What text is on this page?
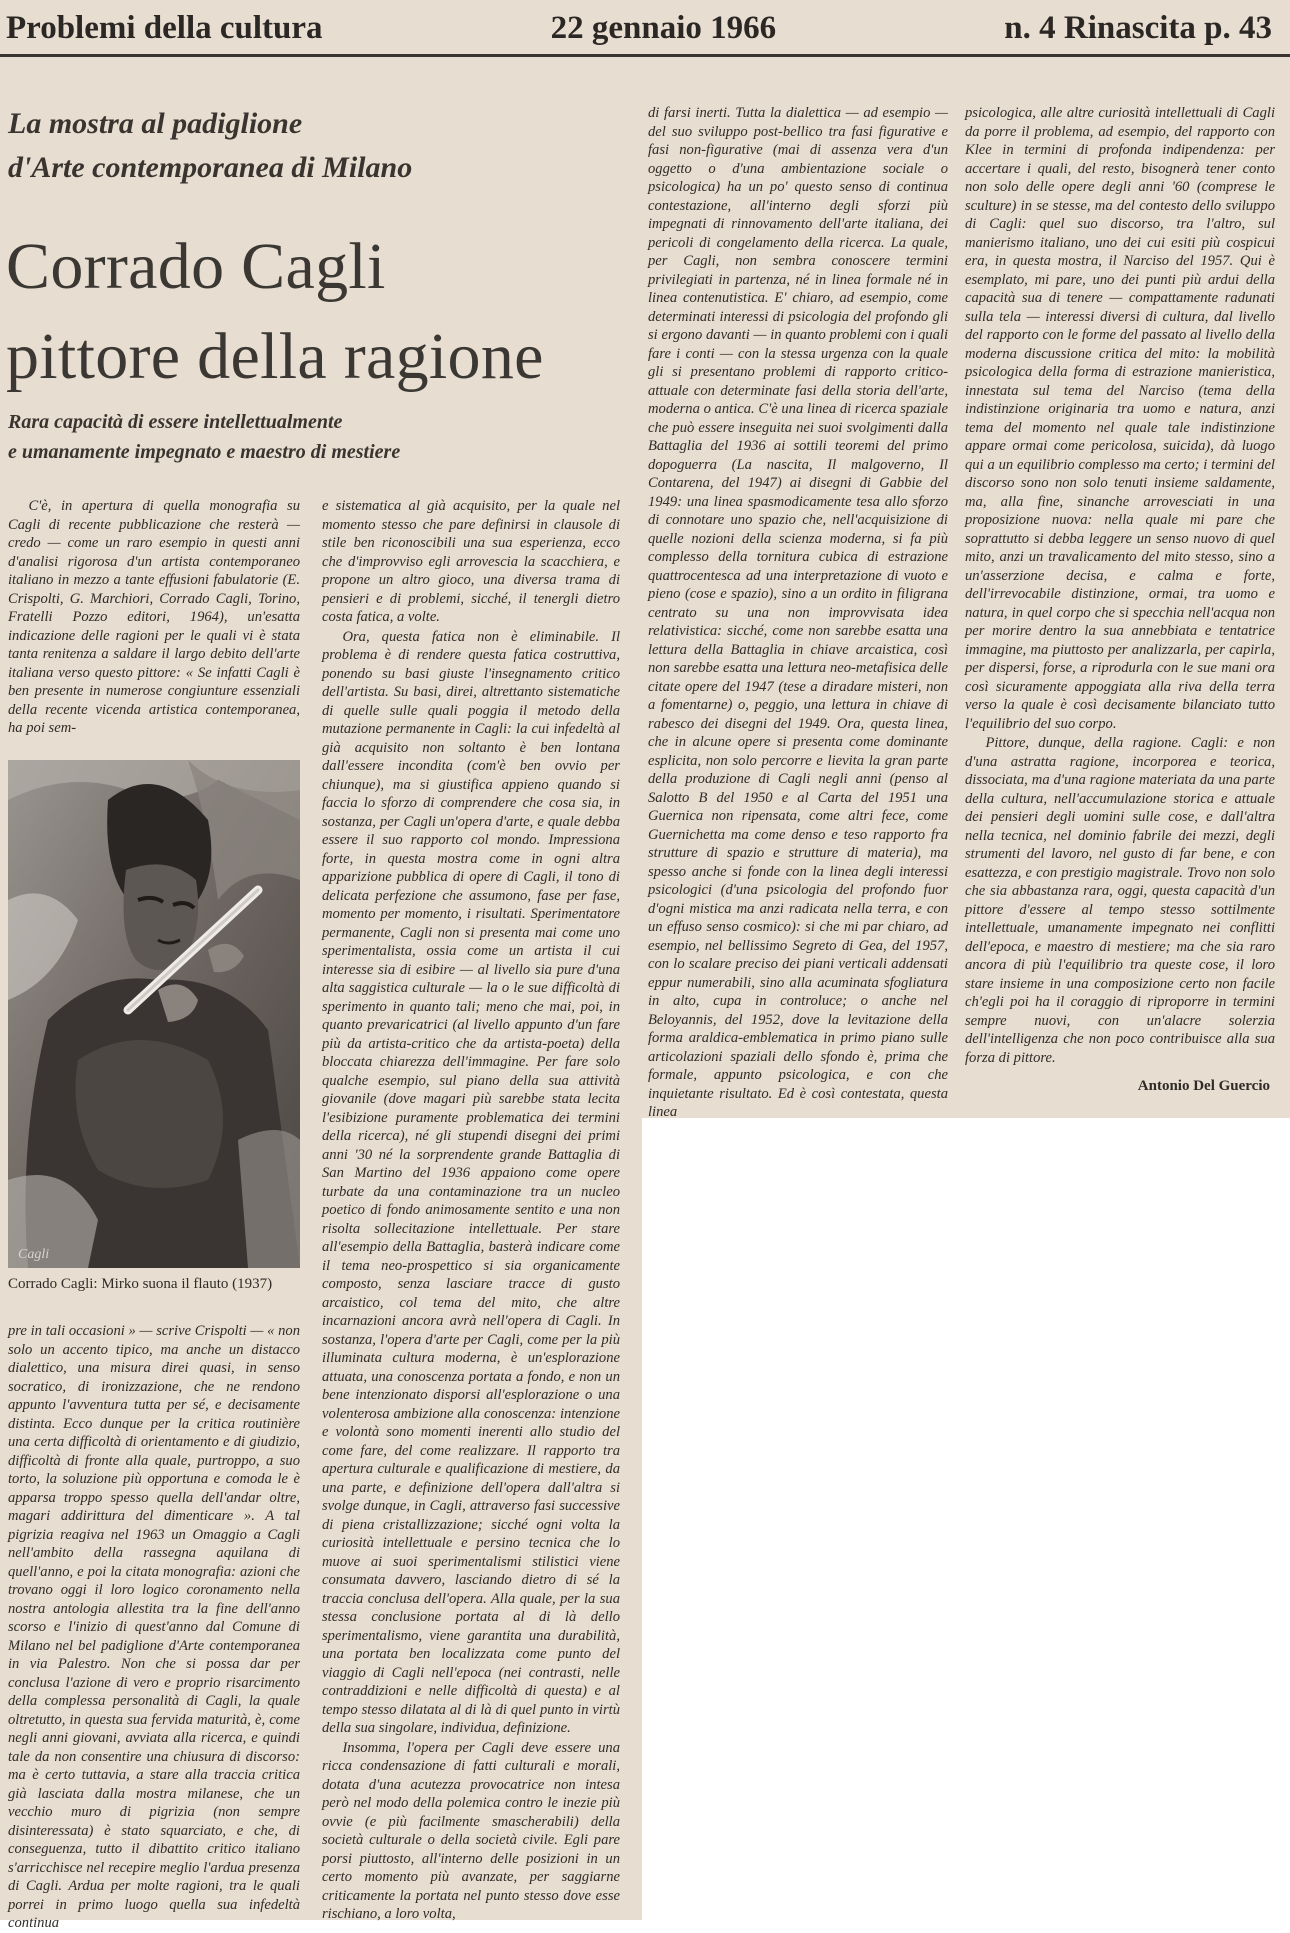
Problemi della cultura	22 gennaio 1966	n. 4 Rinascita p. 43
La mostra al padiglione
d'Arte contemporanea di Milano
Corrado Cagli
pittore della ragione
Rara capacità di essere intellettualmente
e umanamente impegnato e maestro di mestiere

C'è, in apertura di quella monografia su Cagli di recente pubblicazione che resterà — credo — come un raro esempio in questi anni d'analisi rigorosa d'un artista contemporaneo italiano in mezzo a tante effusioni fabulatorie (E. Crispolti, G. Marchiori, Corrado Cagli, Torino, Fratelli Pozzo editori, 1964), un'esatta indicazione delle ragioni per le quali vi è stata tanta renitenza a saldare il largo debito dell'arte italiana verso questo pittore: « Se infatti Cagli è ben presente in numerose congiunture essenziali della recente vicenda artistica contemporanea, ha poi sem-

Cagli
Corrado Cagli: Mirko suona il flauto (1937)

pre in tali occasioni » — scrive Crispolti — « non solo un accento tipico, ma anche un distacco dialettico, una misura direi quasi, in senso socratico, di ironizzazione, che ne rendono appunto l'avventura tutta per sé, e decisamente distinta. Ecco dunque per la critica routinière una certa difficoltà di orientamento e di giudizio, difficoltà di fronte alla quale, purtroppo, a suo torto, la soluzione più opportuna e comoda le è apparsa troppo spesso quella dell'andar oltre, magari addirittura del dimenticare ». A tal pigrizia reagiva nel 1963 un Omaggio a Cagli nell'ambito della rassegna aquilana di quell'anno, e poi la citata monografia: azioni che trovano oggi il loro logico coronamento nella nostra antologia allestita tra la fine dell'anno scorso e l'inizio di quest'anno dal Comune di Milano nel bel padiglione d'Arte contemporanea in via Palestro. Non che si possa dar per conclusa l'azione di vero e proprio risarcimento della complessa personalità di Cagli, la quale oltretutto, in questa sua fervida maturità, è, come negli anni giovani, avviata alla ricerca, e quindi tale da non consentire una chiusura di discorso: ma è certo tuttavia, a stare alla traccia critica già lasciata dalla mostra milanese, che un vecchio muro di pigrizia (non sempre disinteressata) è stato squarciato, e che, di conseguenza, tutto il dibattito critico italiano s'arricchisce nel recepire meglio l'ardua presenza di Cagli. Ardua per molte ragioni, tra le quali porrei in primo luogo quella sua infedeltà continua

e sistematica al già acquisito, per la quale nel momento stesso che pare definirsi in clausole di stile ben riconoscibili una sua esperienza, ecco che d'improvviso egli arrovescia la scacchiera, e propone un altro gioco, una diversa trama di pensieri e di problemi, sicché, il tenergli dietro costa fatica, a volte.

Ora, questa fatica non è eliminabile. Il problema è di rendere questa fatica costruttiva, ponendo su basi giuste l'insegnamento critico dell'artista. Su basi, direi, altrettanto sistematiche di quelle sulle quali poggia il metodo della mutazione permanente in Cagli: la cui infedeltà al già acquisito non soltanto è ben lontana dall'essere incondita (com'è ben ovvio per chiunque), ma si giustifica appieno quando si faccia lo sforzo di comprendere che cosa sia, in sostanza, per Cagli un'opera d'arte, e quale debba essere il suo rapporto col mondo. Impressiona forte, in questa mostra come in ogni altra apparizione pubblica di opere di Cagli, il tono di delicata perfezione che assumono, fase per fase, momento per momento, i risultati. Sperimentatore permanente, Cagli non si presenta mai come uno sperimentalista, ossia come un artista il cui interesse sia di esibire — al livello sia pure d'una alta saggistica culturale — la o le sue difficoltà di sperimento in quanto tali; meno che mai, poi, in quanto prevaricatrici (al livello appunto d'un fare più da artista-critico che da artista-poeta) della bloccata chiarezza dell'immagine. Per fare solo qualche esempio, sul piano della sua attività giovanile (dove magari più sarebbe stata lecita l'esibizione puramente problematica dei termini della ricerca), né gli stupendi disegni dei primi anni '30 né la sorprendente grande Battaglia di San Martino del 1936 appaiono come opere turbate da una contaminazione tra un nucleo poetico di fondo animosamente sentito e una non risolta sollecitazione intellettuale. Per stare all'esempio della Battaglia, basterà indicare come il tema neo-prospettico si sia organicamente composto, senza lasciare tracce di gusto arcaistico, col tema del mito, che altre incarnazioni ancora avrà nell'opera di Cagli. In sostanza, l'opera d'arte per Cagli, come per la più illuminata cultura moderna, è un'esplorazione attuata, una conoscenza portata a fondo, e non un bene intenzionato disporsi all'esplorazione o una volenterosa ambizione alla conoscenza: intenzione e volontà sono momenti inerenti allo studio del come fare, del come realizzare. Il rapporto tra apertura culturale e qualificazione di mestiere, da una parte, e definizione dell'opera dall'altra si svolge dunque, in Cagli, attraverso fasi successive di piena cristallizzazione; sicché ogni volta la curiosità intellettuale e persino tecnica che lo muove ai suoi sperimentalismi stilistici viene consumata davvero, lasciando dietro di sé la traccia conclusa dell'opera. Alla quale, per la sua stessa conclusione portata al di là dello sperimentalismo, viene garantita una durabilità, una portata ben localizzata come punto del viaggio di Cagli nell'epoca (nei contrasti, nelle contraddizioni e nelle difficoltà di questa) e al tempo stesso dilatata al di là di quel punto in virtù della sua singolare, individua, definizione.

Insomma, l'opera per Cagli deve essere una ricca condensazione di fatti culturali e morali, dotata d'una acutezza provocatrice non intesa però nel modo della polemica contro le inezie più ovvie (e più facilmente smascherabili) della società culturale o della società civile. Egli pare porsi piuttosto, all'interno delle posizioni in un certo momento più avanzate, per saggiarne criticamente la portata nel punto stesso dove esse rischiano, a loro volta,

di farsi inerti. Tutta la dialettica — ad esempio — del suo sviluppo post-bellico tra fasi figurative e fasi non-figurative (mai di assenza vera d'un oggetto o d'una ambientazione sociale o psicologica) ha un po' questo senso di continua contestazione, all'interno degli sforzi più impegnati di rinnovamento dell'arte italiana, dei pericoli di congelamento della ricerca. La quale, per Cagli, non sembra conoscere termini privilegiati in partenza, né in linea formale né in linea contenutistica. E' chiaro, ad esempio, come determinati interessi di psicologia del profondo gli si ergono davanti — in quanto problemi con i quali fare i conti — con la stessa urgenza con la quale gli si presentano problemi di rapporto critico-attuale con determinate fasi della storia dell'arte, moderna o antica. C'è una linea di ricerca spaziale che può essere inseguita nei suoi svolgimenti dalla Battaglia del 1936 ai sottili teoremi del primo dopoguerra (La nascita, Il malgoverno, Il Contarena, del 1947) ai disegni di Gabbie del 1949: una linea spasmodicamente tesa allo sforzo di connotare uno spazio che, nell'acquisizione di quelle nozioni della scienza moderna, si fa più complesso della tornitura cubica di estrazione quattrocentesca ad una interpretazione di vuoto e pieno (cose e spazio), sino a un ordito in filigrana centrato su una non improvvisata idea relativistica: sicché, come non sarebbe esatta una lettura della Battaglia in chiave arcaistica, così non sarebbe esatta una lettura neo-metafisica delle citate opere del 1947 (tese a diradare misteri, non a fomentarne) o, peggio, una lettura in chiave di rabesco dei disegni del 1949. Ora, questa linea, che in alcune opere si presenta come dominante esplicita, non solo percorre e lievita la gran parte della produzione di Cagli negli anni (penso al Salotto B del 1950 e al Carta del 1951 una Guernica non ripensata, come altri fece, come Guernichetta ma come denso e teso rapporto fra strutture di spazio e strutture di materia), ma spesso anche si fonde con la linea degli interessi psicologici (d'una psicologia del profondo fuor d'ogni mistica ma anzi radicata nella terra, e con un effuso senso cosmico): si che mi par chiaro, ad esempio, nel bellissimo Segreto di Gea, del 1957, con lo scalare preciso dei piani verticali addensati eppur numerabili, sino alla acuminata sfogliatura in alto, cupa in controluce; o anche nel Beloyannis, del 1952, dove la levitazione della forma araldica-emblematica in primo piano sulle articolazioni spaziali dello sfondo è, prima che formale, appunto psicologica, e con che inquietante risultato. Ed è così contestata, questa linea

psicologica, alle altre curiosità intellettuali di Cagli da porre il problema, ad esempio, del rapporto con Klee in termini di profonda indipendenza: per accertare i quali, del resto, bisognerà tener conto non solo delle opere degli anni '60 (comprese le sculture) in se stesse, ma del contesto dello sviluppo di Cagli: quel suo discorso, tra l'altro, sul manierismo italiano, uno dei cui esiti più cospicui era, in questa mostra, il Narciso del 1957. Qui è esemplato, mi pare, uno dei punti più ardui della capacità sua di tenere — compattamente radunati sulla tela — interessi diversi di cultura, dal livello del rapporto con le forme del passato al livello della moderna discussione critica del mito: la mobilità psicologica della forma di estrazione manieristica, innestata sul tema del Narciso (tema della indistinzione originaria tra uomo e natura, anzi tema del momento nel quale tale indistinzione appare ormai come pericolosa, suicida), dà luogo qui a un equilibrio complesso ma certo; i termini del discorso sono non solo tenuti insieme saldamente, ma, alla fine, sinanche arrovesciati in una proposizione nuova: nella quale mi pare che soprattutto si debba leggere un senso nuovo di quel mito, anzi un travalicamento del mito stesso, sino a un'asserzione decisa, e calma e forte, dell'irrevocabile distinzione, ormai, tra uomo e natura, in quel corpo che si specchia nell'acqua non per morire dentro la sua annebbiata e tentatrice immagine, ma piuttosto per analizzarla, per capirla, per dispersi, forse, a riprodurla con le sue mani ora così sicuramente appoggiata alla riva della terra verso la quale è così decisamente bilanciato tutto l'equilibrio del suo corpo.

Pittore, dunque, della ragione. Cagli: e non d'una astratta ragione, incorporea e teorica, dissociata, ma d'una ragione materiata da una parte della cultura, nell'accumulazione storica e attuale dei pensieri degli uomini sulle cose, e dall'altra nella tecnica, nel dominio fabrile dei mezzi, degli strumenti del lavoro, nel gusto di far bene, e con esattezza, e con prestigio magistrale. Trovo non solo che sia abbastanza rara, oggi, questa capacità d'un pittore d'essere al tempo stesso sottilmente intellettuale, umanamente impegnato nei conflitti dell'epoca, e maestro di mestiere; ma che sia raro ancora di più l'equilibrio tra queste cose, il loro stare insieme in una composizione certo non facile ch'egli poi ha il coraggio di riproporre in termini sempre nuovi, con un'alacre solerzia dell'intelligenza che non poco contribuisce alla sua forza di pittore.

Antonio Del Guercio
